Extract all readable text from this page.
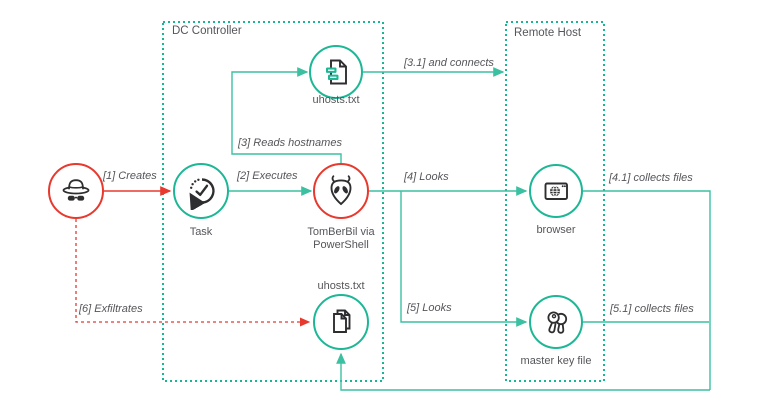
DC Controller	Remote Host
Task	TomBerBil via
PowerShell
uhosts.txt
browser
master key file
uhosts.txt
[1] Creates	[2] Executes
[3] Reads hostnames
[3.1] and connects
[4] Looks	[4.1] collects files
[5] Looks	[5.1] collects files
[6] Exfiltrates
